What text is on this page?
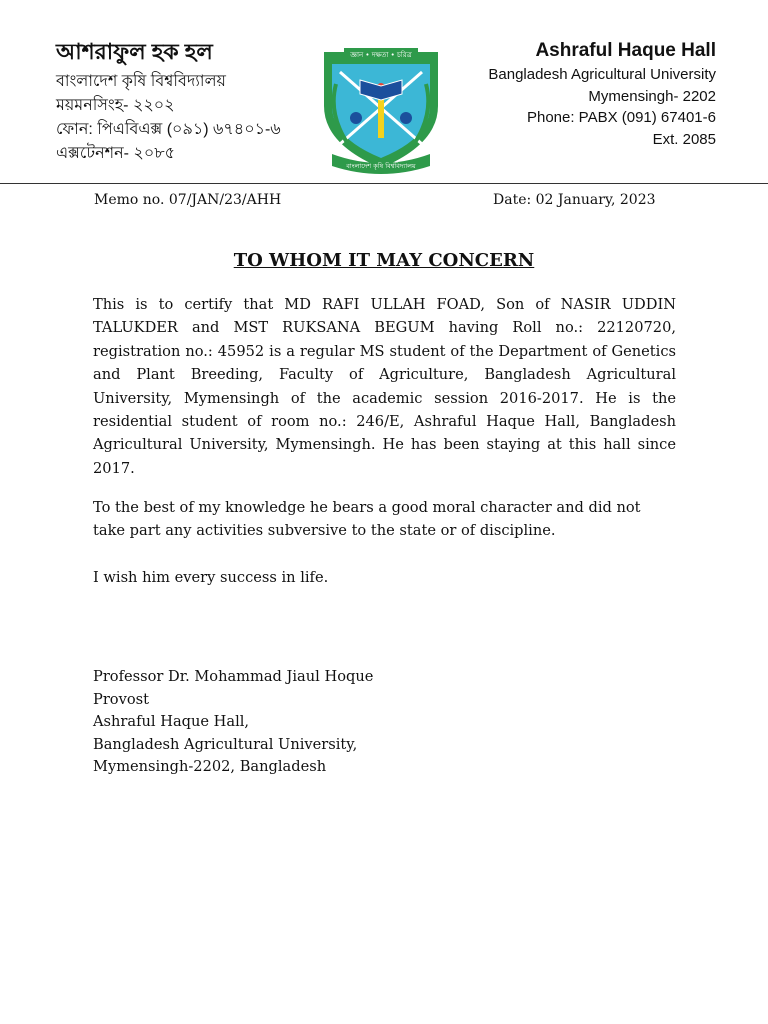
আশরাফুল হক হল
বাংলাদেশ কৃষি বিশ্ববিদ্যালয়
ময়মনসিংহ- ২২০২
ফোন: পিএবিএক্স (০৯১) ৬৭৪০১-৬
এক্সটেনশন- ২০৮৫
জ্ঞান • দক্ষতা • চরিত্র
বাংলাদেশ কৃষি বিশ্ববিদ্যালয়
Ashraful Haque Hall
Bangladesh Agricultural University
Mymensingh- 2202
Phone: PABX (091) 67401-6
Ext. 2085
Memo no. 07/JAN/23/AHH	Date: 02 January, 2023
TO WHOM IT MAY CONCERN
This is to certify that MD RAFI ULLAH FOAD, Son of NASIR UDDIN TALUKDER and MST RUKSANA BEGUM having Roll no.: 22120720, registration no.: 45952 is a regular MS student of the Department of Genetics and Plant Breeding, Faculty of Agriculture, Bangladesh Agricultural University, Mymensingh of the academic session 2016-2017. He is the residential student of room no.: 246/E, Ashraful Haque Hall, Bangladesh Agricultural University, Mymensingh. He has been staying at this hall since 2017.
To the best of my knowledge he bears a good moral character and did not take part any activities subversive to the state or of discipline.
I wish him every success in life.
Professor Dr. Mohammad Jiaul Hoque
Provost
Ashraful Haque Hall,
Bangladesh Agricultural University,
Mymensingh-2202, Bangladesh
